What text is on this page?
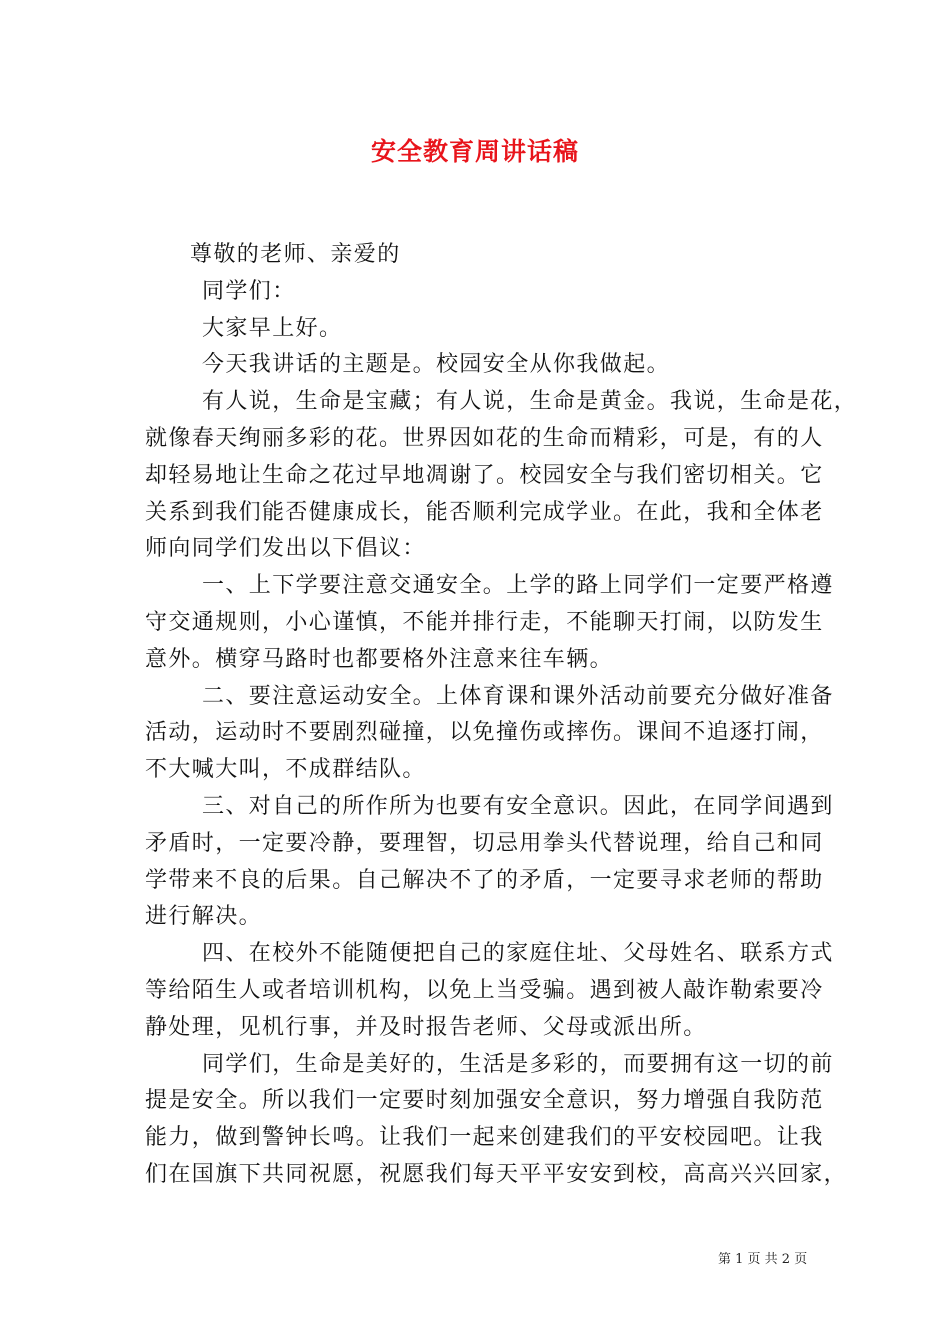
安全教育周讲话稿
尊敬的老师、亲爱的
同学们：
大家早上好。
今天我讲话的主题是。校园安全从你我做起。
有人说，生命是宝藏；有人说，生命是黄金。我说，生命是花，
就像春天绚丽多彩的花。世界因如花的生命而精彩，可是，有的人
却轻易地让生命之花过早地凋谢了。校园安全与我们密切相关。它
关系到我们能否健康成长，能否顺利完成学业。在此，我和全体老
师向同学们发出以下倡议：
一、上下学要注意交通安全。上学的路上同学们一定要严格遵
守交通规则，小心谨慎，不能并排行走，不能聊天打闹，以防发生
意外。横穿马路时也都要格外注意来往车辆。
二、要注意运动安全。上体育课和课外活动前要充分做好准备
活动，运动时不要剧烈碰撞，以免撞伤或摔伤。课间不追逐打闹，
不大喊大叫，不成群结队。
三、对自己的所作所为也要有安全意识。因此，在同学间遇到
矛盾时，一定要冷静，要理智，切忌用拳头代替说理，给自己和同
学带来不良的后果。自己解决不了的矛盾，一定要寻求老师的帮助
进行解决。
四、在校外不能随便把自己的家庭住址、父母姓名、联系方式
等给陌生人或者培训机构，以免上当受骗。遇到被人敲诈勒索要冷
静处理，见机行事，并及时报告老师、父母或派出所。
同学们，生命是美好的，生活是多彩的，而要拥有这一切的前
提是安全。所以我们一定要时刻加强安全意识，努力增强自我防范
能力，做到警钟长鸣。让我们一起来创建我们的平安校园吧。让我
们在国旗下共同祝愿，祝愿我们每天平平安安到校，高高兴兴回家，
第 1 页 共 2 页
